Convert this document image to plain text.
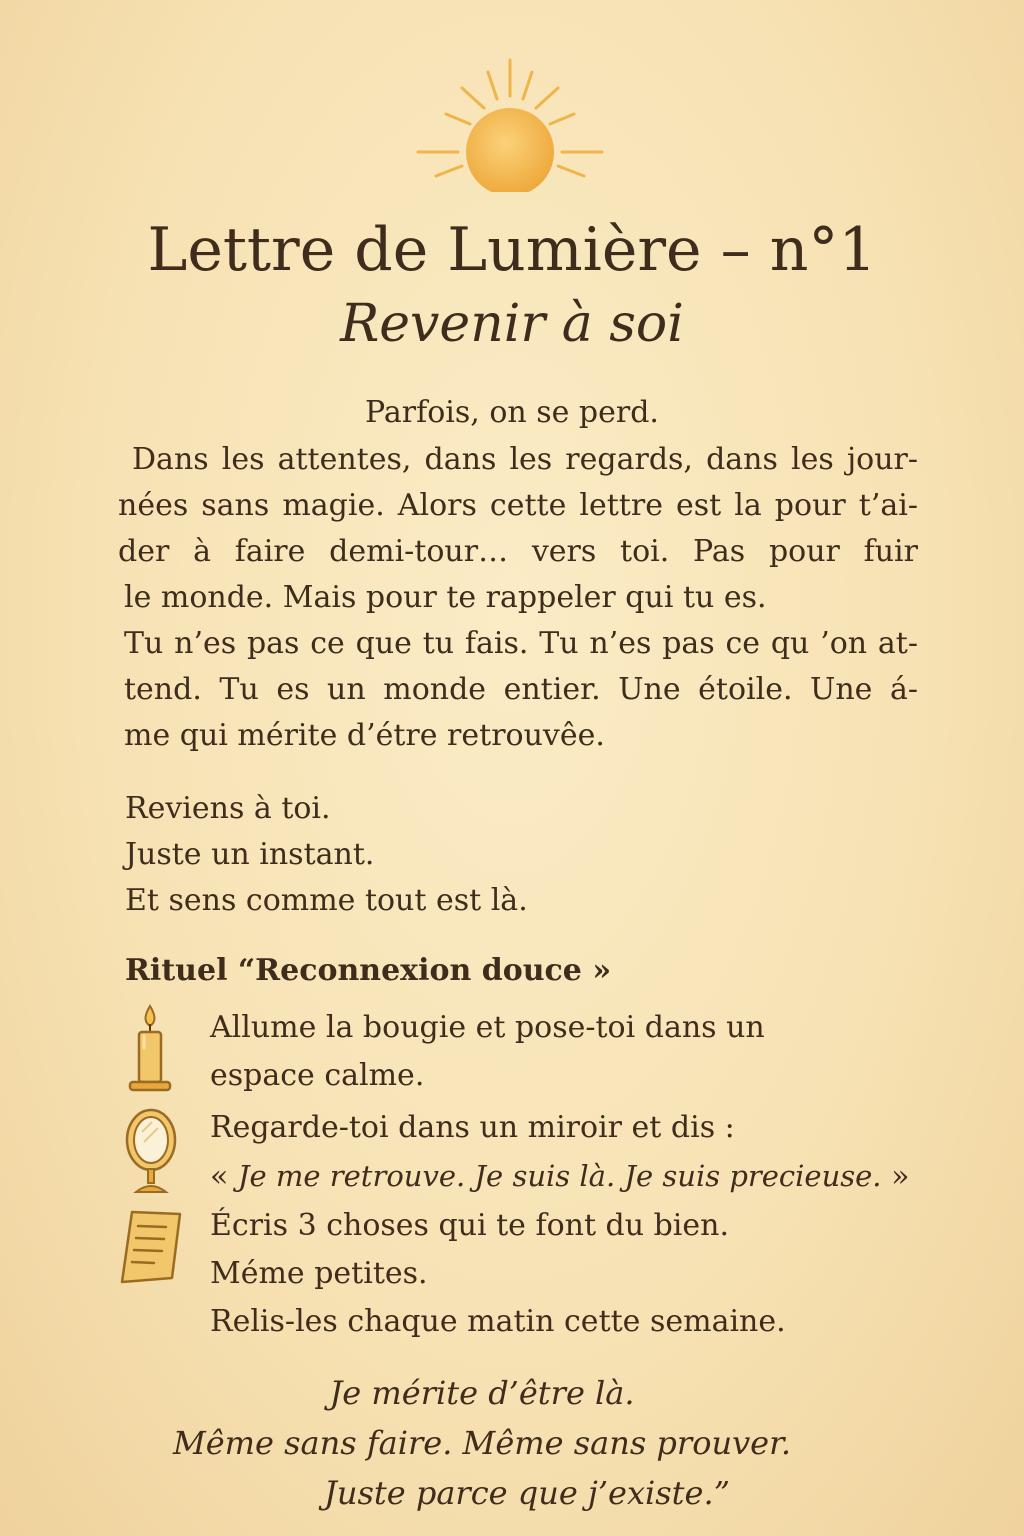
Lettre de Lumière – n°1
Revenir à soi
Parfois, on se perd.
Dans les attentes, dans les regards, dans les jour-
nées sans magie. Alors cette lettre est la pour t’ai-
der à faire demi-tour… vers toi. Pas pour fuir
le monde. Mais pour te rappeler qui tu es.
Tu n’es pas ce que tu fais. Tu n’es pas ce qu ’on at-
tend. Tu es un monde entier. Une étoile. Une á-
me qui mérite d’étre retrouvêe.
Reviens à toi.
Juste un instant.
Et sens comme tout est là.
Rituel “Reconnexion douce »
Allume la bougie et pose-toi dans un
espace calme.
Regarde-toi dans un miroir et dis :
« Je me retrouve. Je suis là. Je suis precieuse. »
Écris 3 choses qui te font du bien.
Méme petites.
Relis-les chaque matin cette semaine.
Je mérite d’être là.
Même sans faire. Même sans prouver.
Juste parce que j’existe.”
